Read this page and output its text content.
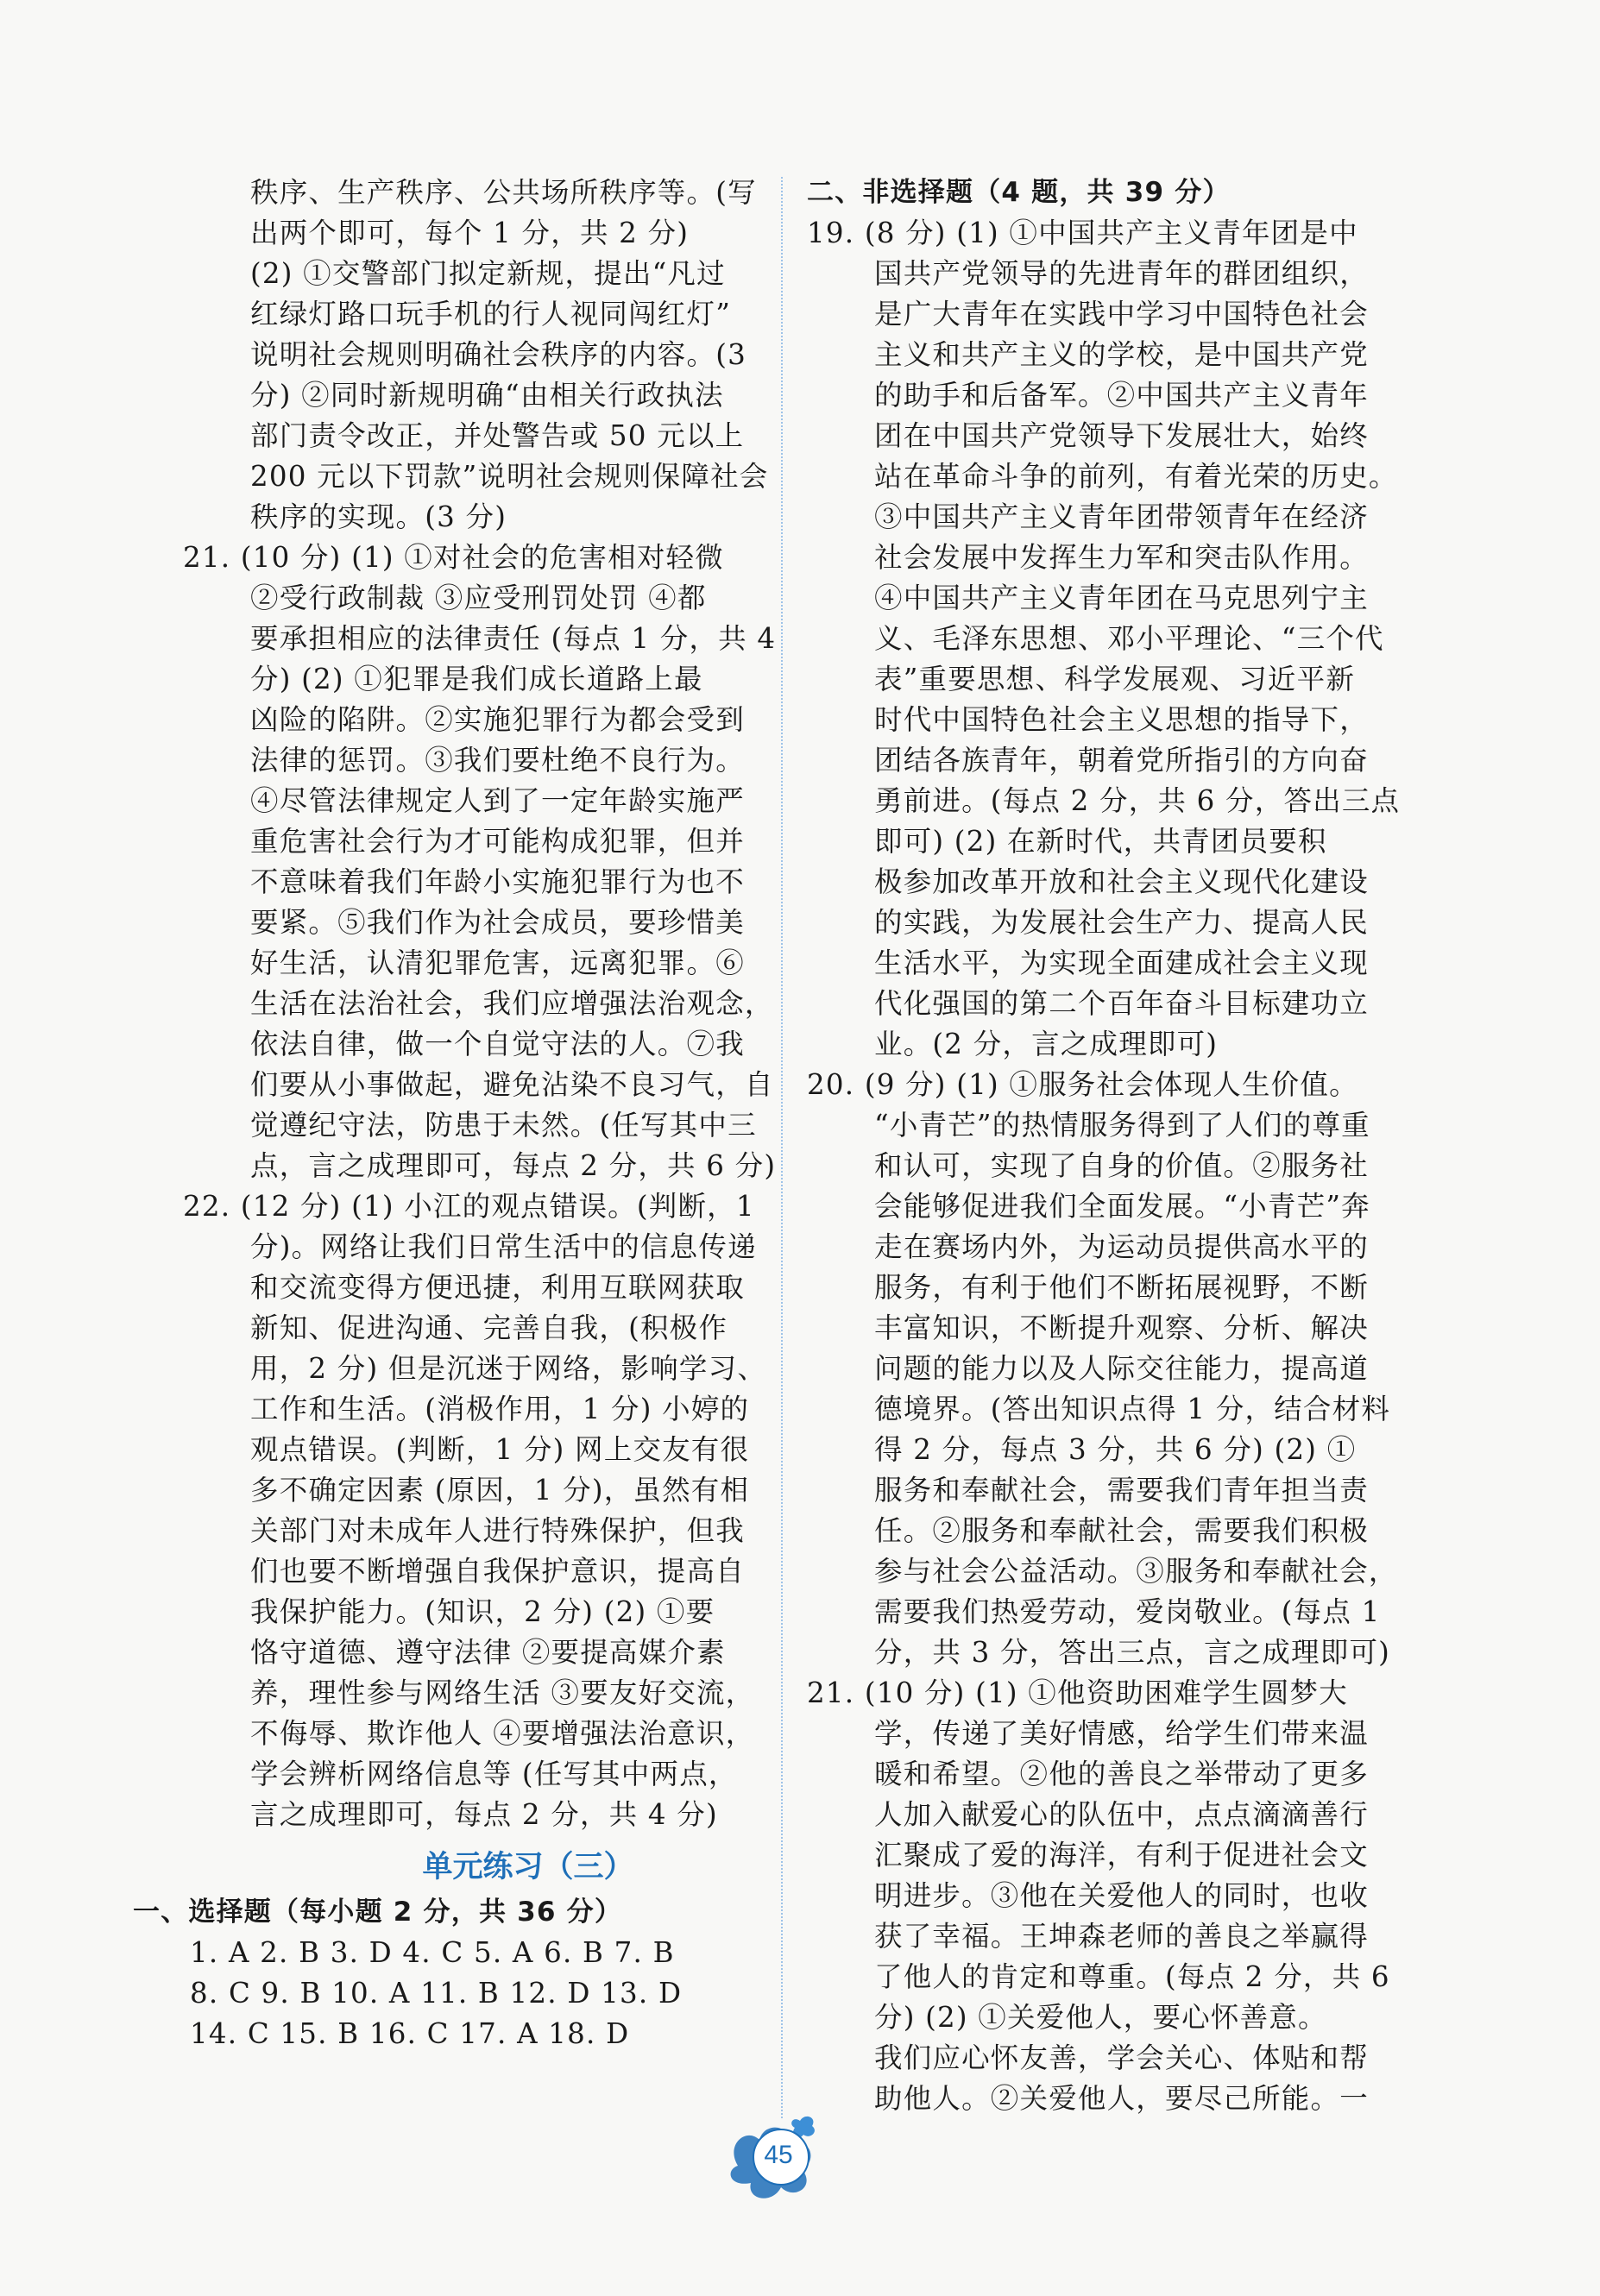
秩序、生产秩序、公共场所秩序等。(写
出两个即可，每个 1 分，共 2 分)
(2) ①交警部门拟定新规，提出“凡过
红绿灯路口玩手机的行人视同闯红灯”
说明社会规则明确社会秩序的内容。(3
分) ②同时新规明确“由相关行政执法
部门责令改正，并处警告或 50 元以上
200 元以下罚款”说明社会规则保障社会
秩序的实现。(3 分)
21. (10 分) (1) ①对社会的危害相对轻微
②受行政制裁 ③应受刑罚处罚 ④都
要承担相应的法律责任 (每点 1 分，共 4
分) (2) ①犯罪是我们成长道路上最
凶险的陷阱。②实施犯罪行为都会受到
法律的惩罚。③我们要杜绝不良行为。
④尽管法律规定人到了一定年龄实施严
重危害社会行为才可能构成犯罪，但并
不意味着我们年龄小实施犯罪行为也不
要紧。⑤我们作为社会成员，要珍惜美
好生活，认清犯罪危害，远离犯罪。⑥
生活在法治社会，我们应增强法治观念，
依法自律，做一个自觉守法的人。⑦我
们要从小事做起，避免沾染不良习气，自
觉遵纪守法，防患于未然。(任写其中三
点，言之成理即可，每点 2 分，共 6 分)
22. (12 分) (1) 小江的观点错误。(判断，1
分)。网络让我们日常生活中的信息传递
和交流变得方便迅捷，利用互联网获取
新知、促进沟通、完善自我，(积极作
用，2 分) 但是沉迷于网络，影响学习、
工作和生活。(消极作用，1 分) 小婷的
观点错误。(判断，1 分) 网上交友有很
多不确定因素 (原因，1 分)，虽然有相
关部门对未成年人进行特殊保护，但我
们也要不断增强自我保护意识，提高自
我保护能力。(知识，2 分) (2) ①要
恪守道德、遵守法律 ②要提高媒介素
养，理性参与网络生活 ③要友好交流，
不侮辱、欺诈他人 ④要增强法治意识，
学会辨析网络信息等 (任写其中两点，
言之成理即可，每点 2 分，共 4 分)
单元练习（三）
一、选择题（每小题 2 分，共 36 分）
1. A 2. B 3. D 4. C 5. A 6. B 7. B
8. C 9. B 10. A 11. B 12. D 13. D
14. C 15. B 16. C 17. A 18. D
二、非选择题（4 题，共 39 分）
19. (8 分) (1) ①中国共产主义青年团是中
国共产党领导的先进青年的群团组织，
是广大青年在实践中学习中国特色社会
主义和共产主义的学校，是中国共产党
的助手和后备军。②中国共产主义青年
团在中国共产党领导下发展壮大，始终
站在革命斗争的前列，有着光荣的历史。
③中国共产主义青年团带领青年在经济
社会发展中发挥生力军和突击队作用。
④中国共产主义青年团在马克思列宁主
义、毛泽东思想、邓小平理论、“三个代
表”重要思想、科学发展观、习近平新
时代中国特色社会主义思想的指导下，
团结各族青年，朝着党所指引的方向奋
勇前进。(每点 2 分，共 6 分，答出三点
即可) (2) 在新时代，共青团员要积
极参加改革开放和社会主义现代化建设
的实践，为发展社会生产力、提高人民
生活水平，为实现全面建成社会主义现
代化强国的第二个百年奋斗目标建功立
业。(2 分，言之成理即可)
20. (9 分) (1) ①服务社会体现人生价值。
“小青芒”的热情服务得到了人们的尊重
和认可，实现了自身的价值。②服务社
会能够促进我们全面发展。“小青芒”奔
走在赛场内外，为运动员提供高水平的
服务，有利于他们不断拓展视野，不断
丰富知识，不断提升观察、分析、解决
问题的能力以及人际交往能力，提高道
德境界。(答出知识点得 1 分，结合材料
得 2 分，每点 3 分，共 6 分) (2) ①
服务和奉献社会，需要我们青年担当责
任。②服务和奉献社会，需要我们积极
参与社会公益活动。③服务和奉献社会，
需要我们热爱劳动，爱岗敬业。(每点 1
分，共 3 分，答出三点，言之成理即可)
21. (10 分) (1) ①他资助困难学生圆梦大
学，传递了美好情感，给学生们带来温
暖和希望。②他的善良之举带动了更多
人加入献爱心的队伍中，点点滴滴善行
汇聚成了爱的海洋，有利于促进社会文
明进步。③他在关爱他人的同时，也收
获了幸福。王坤森老师的善良之举赢得
了他人的肯定和尊重。(每点 2 分，共 6
分) (2) ①关爱他人，要心怀善意。
我们应心怀友善，学会关心、体贴和帮
助他人。②关爱他人，要尽己所能。一
45
